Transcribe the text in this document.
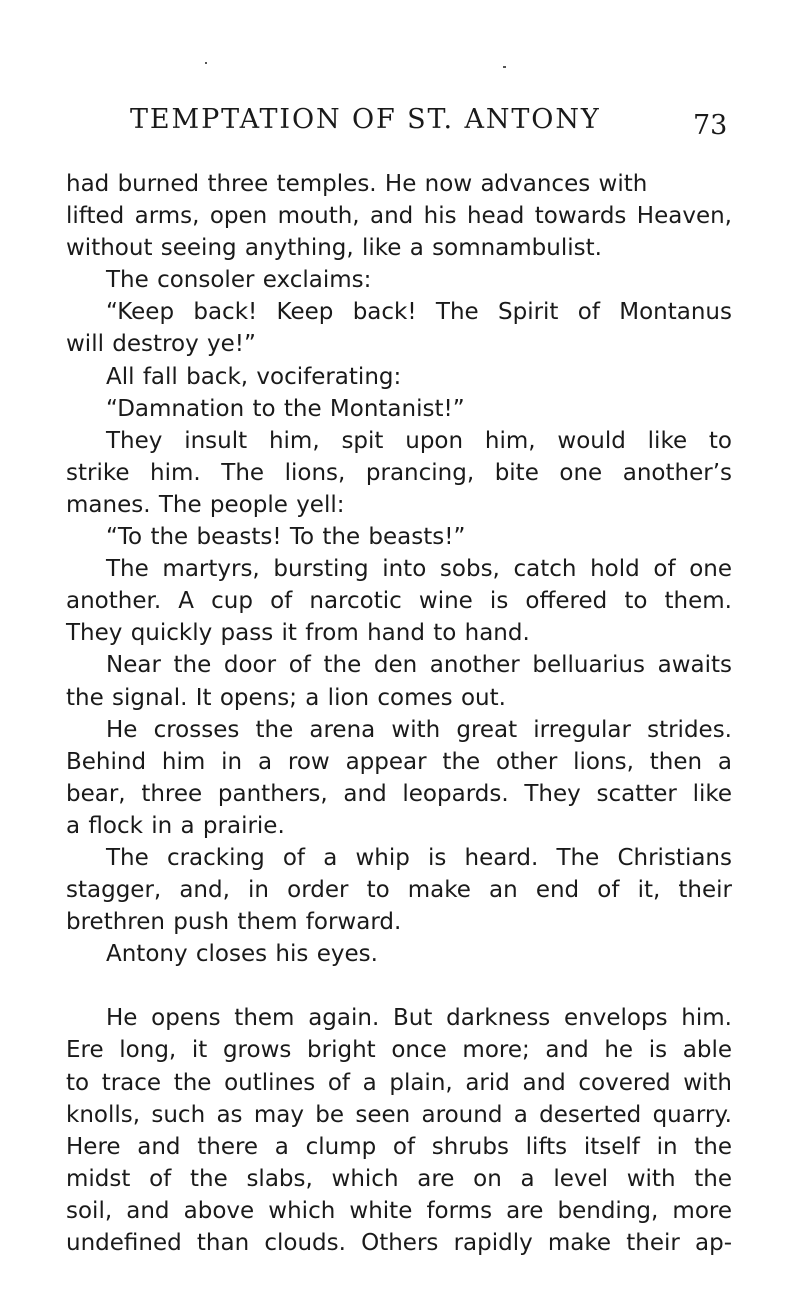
TEMPTATION OF ST. ANTONY	73
had burned three temples. He now advances with
lifted arms, open mouth, and his head towards Heaven,
without seeing anything, like a somnambulist.
The consoler exclaims:
“Keep back! Keep back! The Spirit of Montanus
will destroy ye!”
All fall back, vociferating:
“Damnation to the Montanist!”
They insult him, spit upon him, would like to
strike him. The lions, prancing, bite one another’s
manes. The people yell:
“To the beasts! To the beasts!”
The martyrs, bursting into sobs, catch hold of one
another. A cup of narcotic wine is offered to them.
They quickly pass it from hand to hand.
Near the door of the den another belluarius awaits
the signal. It opens; a lion comes out.
He crosses the arena with great irregular strides.
Behind him in a row appear the other lions, then a
bear, three panthers, and leopards. They scatter like
a flock in a prairie.
The cracking of a whip is heard. The Christians
stagger, and, in order to make an end of it, their
brethren push them forward.
Antony closes his eyes.
He opens them again. But darkness envelops him.
Ere long, it grows bright once more; and he is able
to trace the outlines of a plain, arid and covered with
knolls, such as may be seen around a deserted quarry.
Here and there a clump of shrubs lifts itself in the
midst of the slabs, which are on a level with the
soil, and above which white forms are bending, more
undefined than clouds. Others rapidly make their ap-
